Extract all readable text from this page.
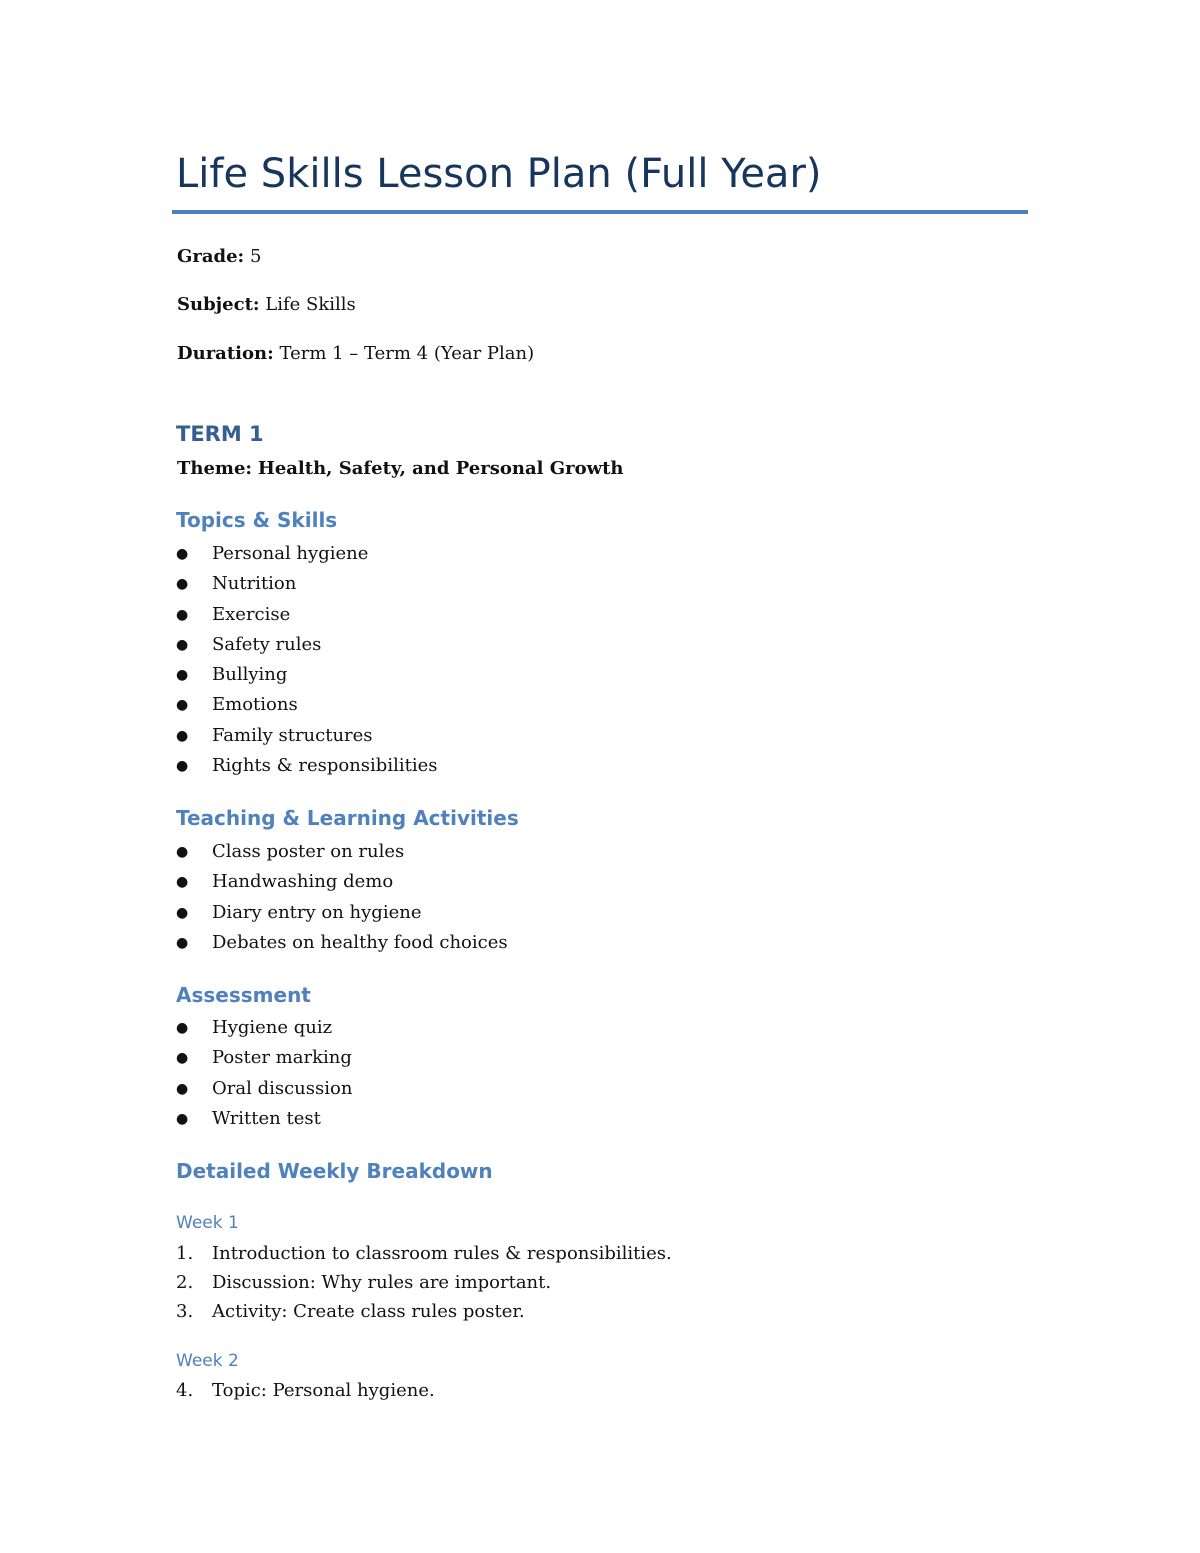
Life Skills Lesson Plan (Full Year)

Grade: 5

Subject: Life Skills

Duration: Term 1 – Term 4 (Year Plan)

TERM 1

Theme: Health, Safety, and Personal Growth

Topics & Skills
● Personal hygiene
● Nutrition
● Exercise
● Safety rules
● Bullying
● Emotions
● Family structures
● Rights & responsibilities
Teaching & Learning Activities
● Class poster on rules
● Handwashing demo
● Diary entry on hygiene
● Debates on healthy food choices
Assessment
● Hygiene quiz
● Poster marking
● Oral discussion
● Written test
Detailed Weekly Breakdown
Week 1
1. Introduction to classroom rules & responsibilities.
2. Discussion: Why rules are important.
3. Activity: Create class rules poster.
Week 2
4. Topic: Personal hygiene.
